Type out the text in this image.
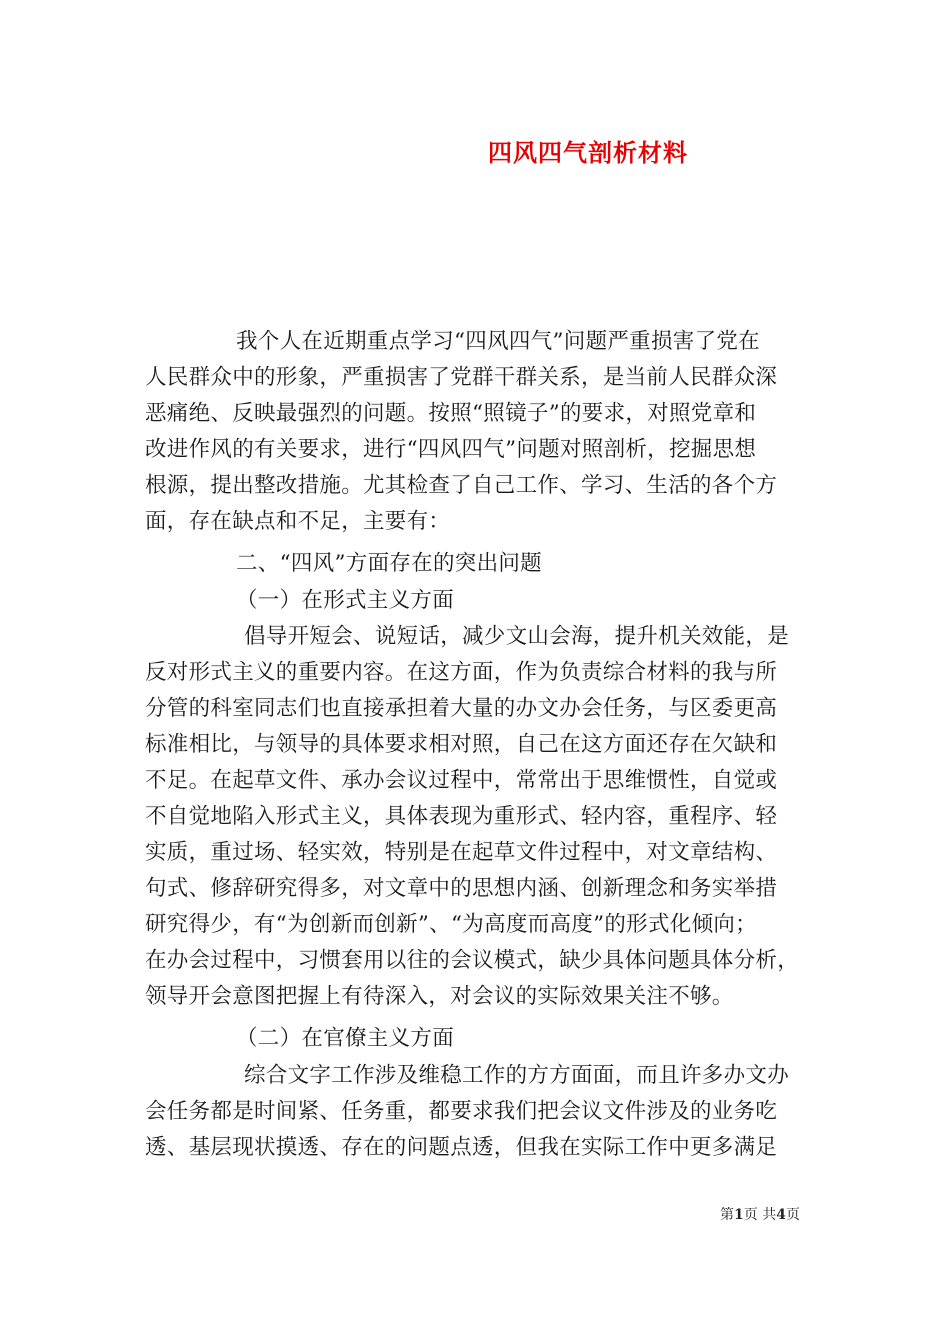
四风四气剖析材料
我个人在近期重点学习“四风四气”问题严重损害了党在
人民群众中的形象，严重损害了党群干群关系，是当前人民群众深
恶痛绝、反映最强烈的问题。按照“照镜子”的要求，对照党章和
改进作风的有关要求，进行“四风四气”问题对照剖析，挖掘思想
根源，提出整改措施。尤其检查了自己工作、学习、生活的各个方
面，存在缺点和不足，主要有：
二、“四风”方面存在的突出问题
（一）在形式主义方面
倡导开短会、说短话，减少文山会海，提升机关效能，是
反对形式主义的重要内容。在这方面，作为负责综合材料的我与所
分管的科室同志们也直接承担着大量的办文办会任务，与区委更高
标准相比，与领导的具体要求相对照，自己在这方面还存在欠缺和
不足。在起草文件、承办会议过程中，常常出于思维惯性，自觉或
不自觉地陷入形式主义，具体表现为重形式、轻内容，重程序、轻
实质，重过场、轻实效，特别是在起草文件过程中，对文章结构、
句式、修辞研究得多，对文章中的思想内涵、创新理念和务实举措
研究得少，有“为创新而创新”、“为高度而高度”的形式化倾向；
在办会过程中，习惯套用以往的会议模式，缺少具体问题具体分析，
领导开会意图把握上有待深入，对会议的实际效果关注不够。
（二）在官僚主义方面
综合文字工作涉及维稳工作的方方面面，而且许多办文办
会任务都是时间紧、任务重，都要求我们把会议文件涉及的业务吃
透、基层现状摸透、存在的问题点透，但我在实际工作中更多满足
第1页 共4页
